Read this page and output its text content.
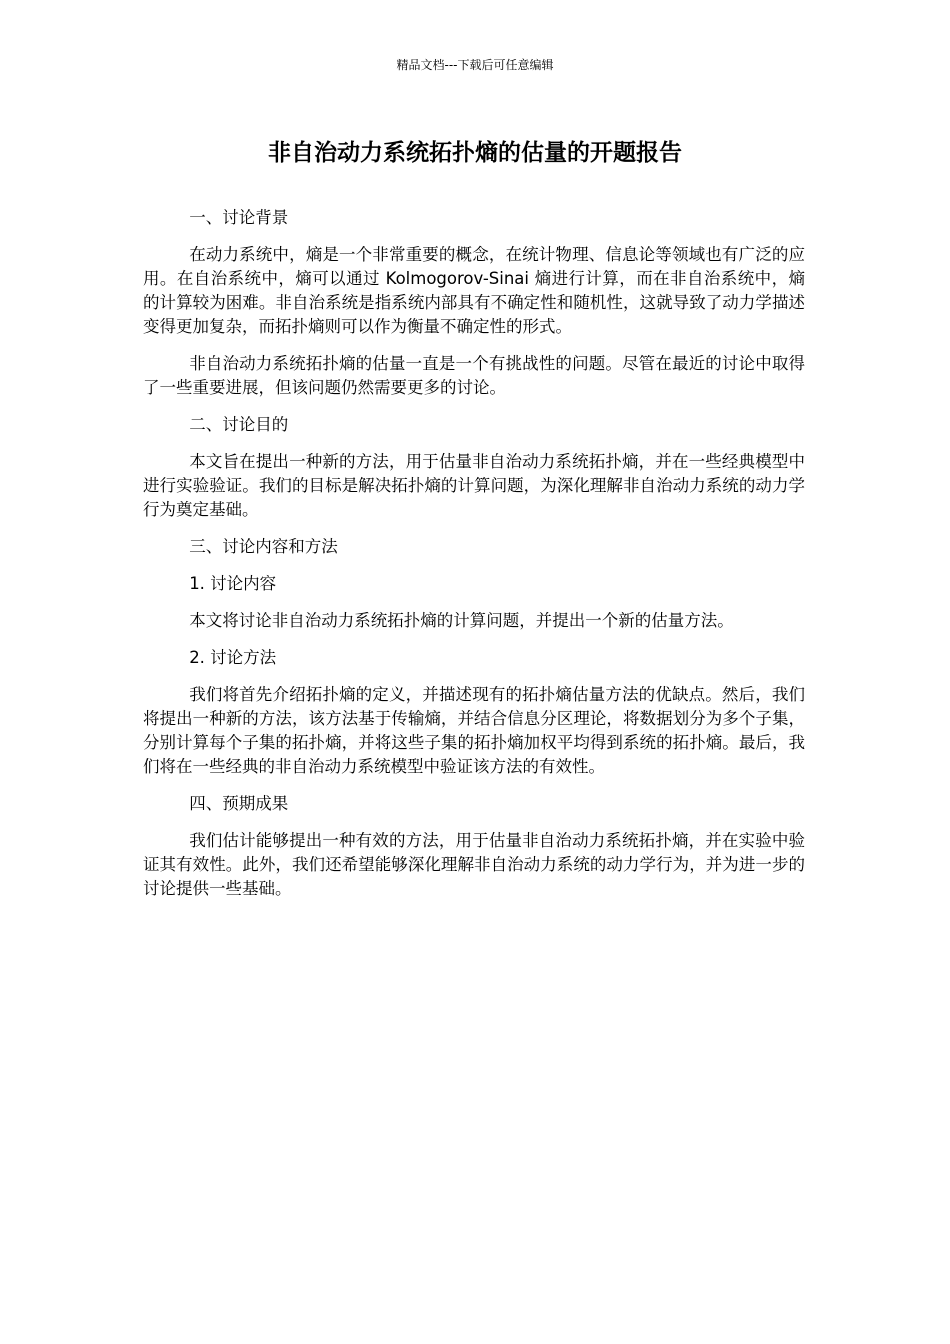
精品文档---下载后可任意编辑
非自治动力系统拓扑熵的估量的开题报告

一、讨论背景

在动力系统中，熵是一个非常重要的概念，在统计物理、信息论等领域也有广泛的应用。在自治系统中，熵可以通过 Kolmogorov-Sinai 熵进行计算，而在非自治系统中，熵的计算较为困难。非自治系统是指系统内部具有不确定性和随机性，这就导致了动力学描述变得更加复杂，而拓扑熵则可以作为衡量不确定性的形式。

非自治动力系统拓扑熵的估量一直是一个有挑战性的问题。尽管在最近的讨论中取得了一些重要进展，但该问题仍然需要更多的讨论。

二、讨论目的

本文旨在提出一种新的方法，用于估量非自治动力系统拓扑熵，并在一些经典模型中进行实验验证。我们的目标是解决拓扑熵的计算问题，为深化理解非自治动力系统的动力学行为奠定基础。

三、讨论内容和方法

1. 讨论内容

本文将讨论非自治动力系统拓扑熵的计算问题，并提出一个新的估量方法。

2. 讨论方法

我们将首先介绍拓扑熵的定义，并描述现有的拓扑熵估量方法的优缺点。然后，我们将提出一种新的方法，该方法基于传输熵，并结合信息分区理论，将数据划分为多个子集，分别计算每个子集的拓扑熵，并将这些子集的拓扑熵加权平均得到系统的拓扑熵。最后，我们将在一些经典的非自治动力系统模型中验证该方法的有效性。

四、预期成果

我们估计能够提出一种有效的方法，用于估量非自治动力系统拓扑熵，并在实验中验证其有效性。此外，我们还希望能够深化理解非自治动力系统的动力学行为，并为进一步的讨论提供一些基础。
